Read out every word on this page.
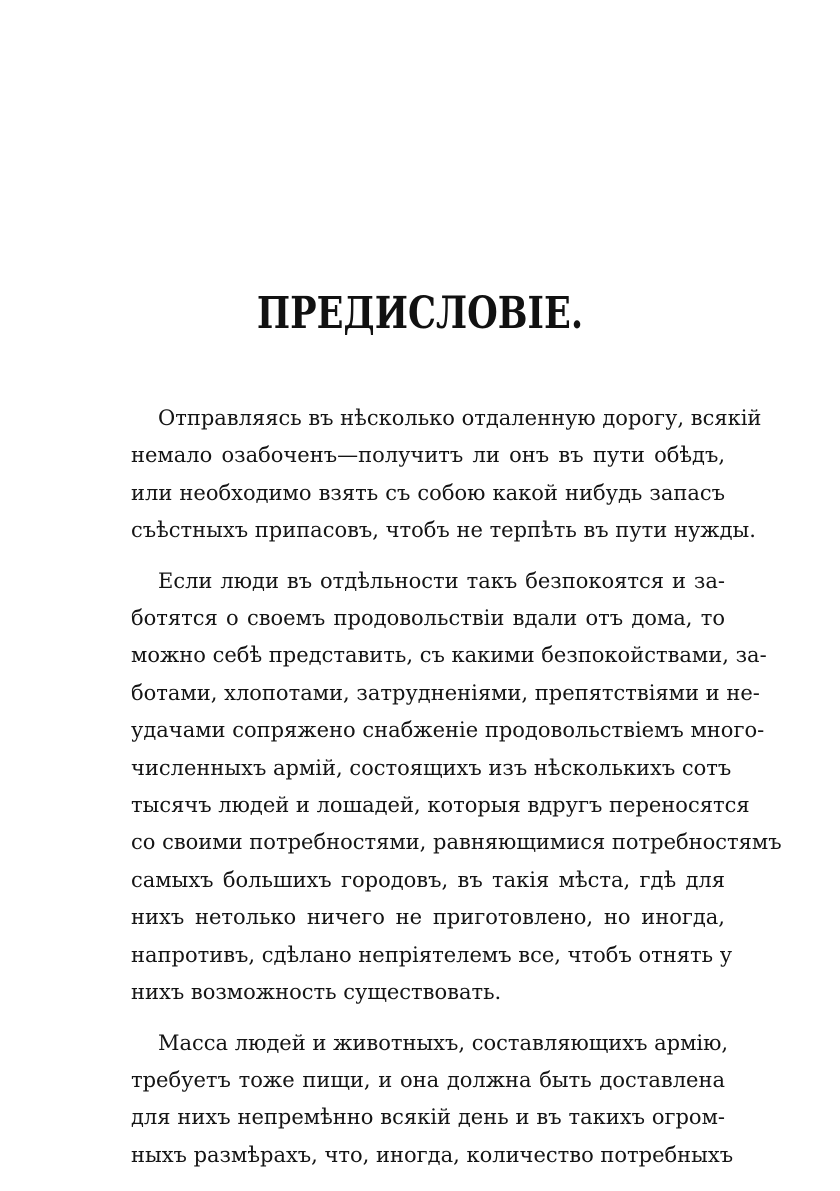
ПРЕДИСЛОВІЕ.
Отправляясь въ нѣсколько отдаленную дорогу, всякій
немало озабоченъ—получитъ ли онъ въ пути обѣдъ,
или необходимо взять съ собою какой нибудь запасъ
съѣстныхъ припасовъ, чтобъ не терпѣть въ пути нужды.
Если люди въ отдѣльности такъ безпокоятся и за-
ботятся о своемъ продовольствіи вдали отъ дома, то
можно себѣ представить, съ какими безпокойствами, за-
ботами, хлопотами, затрудненіями, препятствіями и не-
удачами сопряжено снабженіе продовольствіемъ много-
численныхъ армій, состоящихъ изъ нѣсколькихъ сотъ
тысячъ людей и лошадей, которыя вдругъ переносятся
со своими потребностями, равняющимися потребностямъ
самыхъ большихъ городовъ, въ такія мѣста, гдѣ для
нихъ нетолько ничего не приготовлено, но иногда,
напротивъ, сдѣлано непріятелемъ все, чтобъ отнять у
нихъ возможность существовать.
Масса людей и животныхъ, составляющихъ армію,
требуетъ тоже пищи, и она должна быть доставлена
для нихъ непремѣнно всякій день и въ такихъ огром-
ныхъ размѣрахъ, что, иногда, количество потребныхъ
